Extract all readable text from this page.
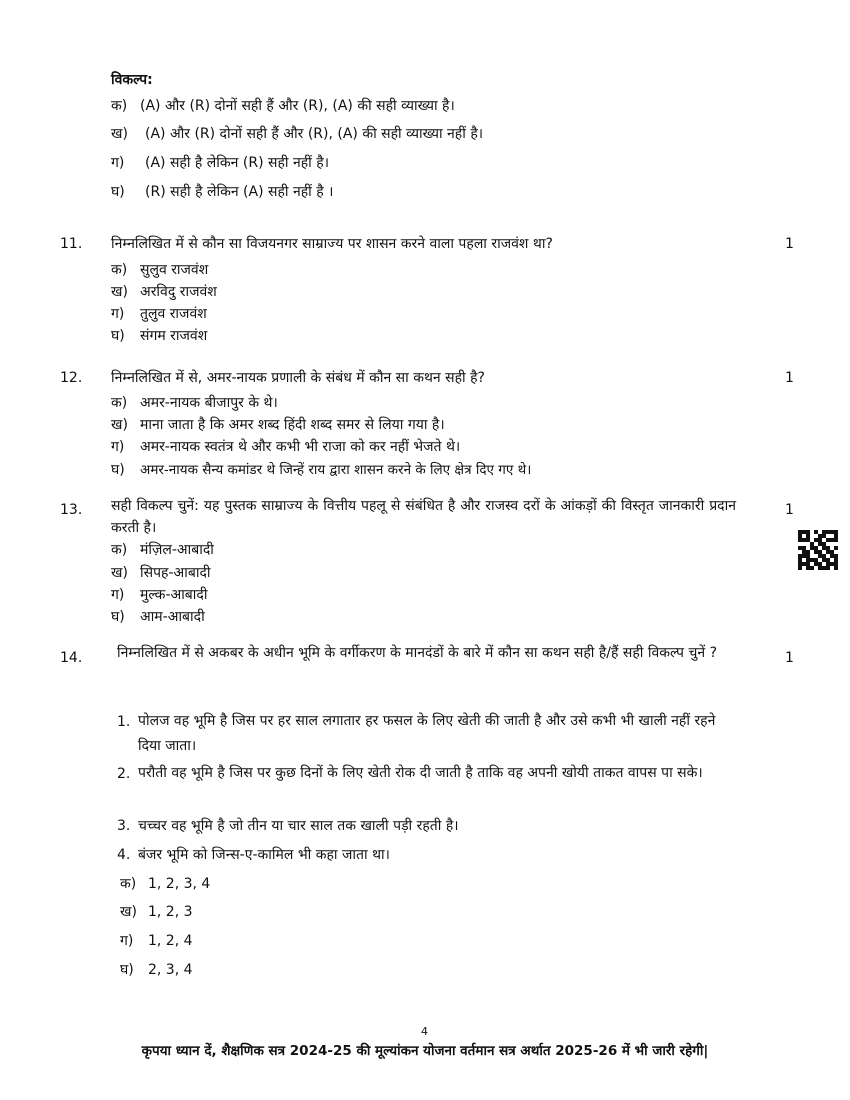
विकल्प:
क) (A) और (R) दोनों सही हैं और (R), (A) की सही व्याख्या है।
ख) (A) और (R) दोनों सही हैं और (R), (A) की सही व्याख्या नहीं है।
ग) (A) सही है लेकिन (R) सही नहीं है।
घ) (R) सही है लेकिन (A) सही नहीं है ।
11. निम्नलिखित में से कौन सा विजयनगर साम्राज्य पर शासन करने वाला पहला राजवंश था?	1
क) सुलुव राजवंश
ख) अरविदु राजवंश
ग) तुलुव राजवंश
घ) संगम राजवंश
12. निम्नलिखित में से, अमर-नायक प्रणाली के संबंध में कौन सा कथन सही है?	1
क) अमर-नायक बीजापुर के थे।
ख) माना जाता है कि अमर शब्द हिंदी शब्द समर से लिया गया है।
ग) अमर-नायक स्वतंत्र थे और कभी भी राजा को कर नहीं भेजते थे।
घ) अमर-नायक सैन्य कमांडर थे जिन्हें राय द्वारा शासन करने के लिए क्षेत्र दिए गए थे।
13. सही विकल्प चुनें: यह पुस्तक साम्राज्य के वित्तीय पहलू से संबंधित है और राजस्व दरों के आंकड़ों की विस्तृत जानकारी प्रदान करती है।
1
क) मंज़िल-आबादी
ख) सिपह-आबादी
ग) मुल्क-आबादी
घ) आम-आबादी
14. निम्नलिखित में से अकबर के अधीन भूमि के वर्गीकरण के मानदंडों के बारे में कौन सा कथन सही है/हैं सही विकल्प चुनें ?	1
1. पोलज वह भूमि है जिस पर हर साल लगातार हर फसल के लिए खेती की जाती है और उसे कभी भी खाली नहीं रहने दिया जाता।
2. परौती वह भूमि है जिस पर कुछ दिनों के लिए खेती रोक दी जाती है ताकि वह अपनी खोयी ताकत वापस पा सके।
3. चच्चर वह भूमि है जो तीन या चार साल तक खाली पड़ी रहती है।
4. बंजर भूमि को जिन्स-ए-कामिल भी कहा जाता था।
क) 1, 2, 3, 4
ख) 1, 2, 3
ग) 1, 2, 4
घ) 2, 3, 4
4
कृपया ध्यान दें, शैक्षणिक सत्र 2024-25 की मूल्यांकन योजना वर्तमान सत्र अर्थात 2025-26 में भी जारी रहेगी|
